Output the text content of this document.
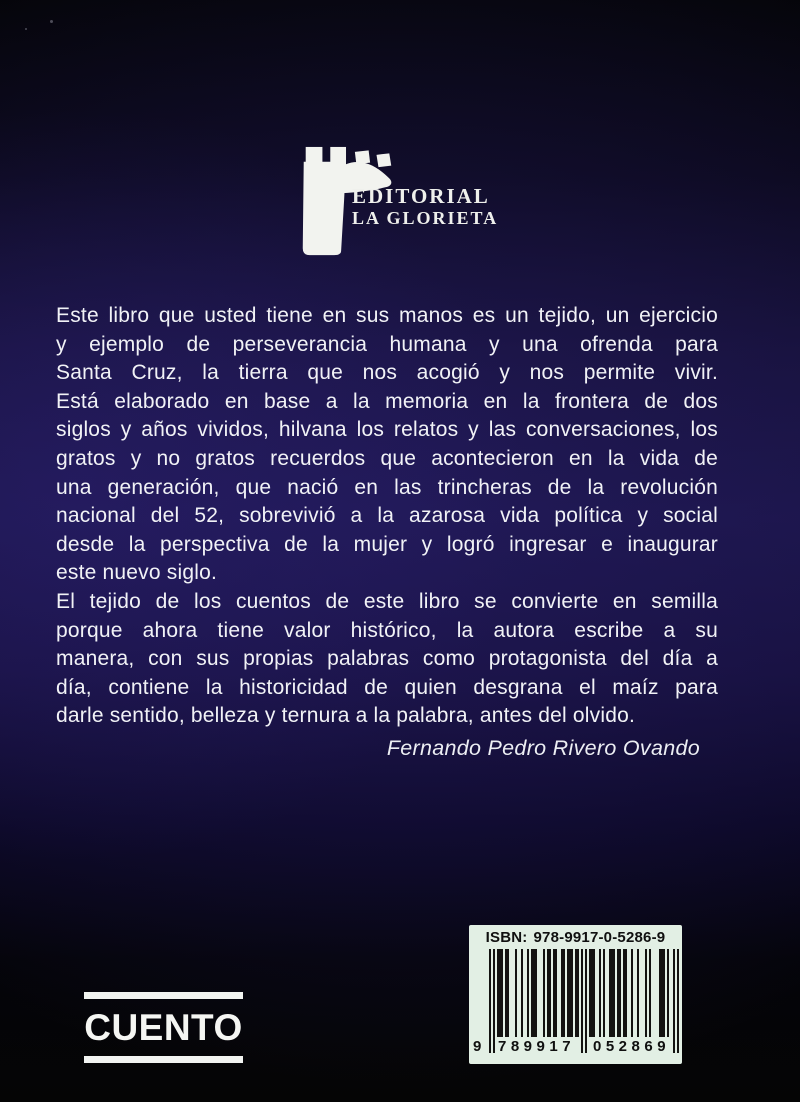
EDITORIAL
LA GLORIETA
Este libro que usted tiene en sus manos es un tejido, un ejercicio
y ejemplo de perseverancia humana y una ofrenda para
Santa Cruz, la tierra que nos acogió y nos permite vivir.
Está elaborado en base a la memoria en la frontera de dos
siglos y años vividos, hilvana los relatos y las conversaciones, los
gratos y no gratos recuerdos que acontecieron en la vida de
una generación, que nació en las trincheras de la revolución
nacional del 52, sobrevivió a la azarosa vida política y social
desde la perspectiva de la mujer y logró ingresar e inaugurar
este nuevo siglo.
El tejido de los cuentos de este libro se convierte en semilla
porque ahora tiene valor histórico, la autora escribe a su
manera, con sus propias palabras como protagonista del día a
día, contiene la historicidad de quien desgrana el maíz para
darle sentido, belleza y ternura a la palabra, antes del olvido.
Fernando Pedro Rivero Ovando
CUENTO
ISBN: 978-9917-0-5286-9
9 789917 052869
